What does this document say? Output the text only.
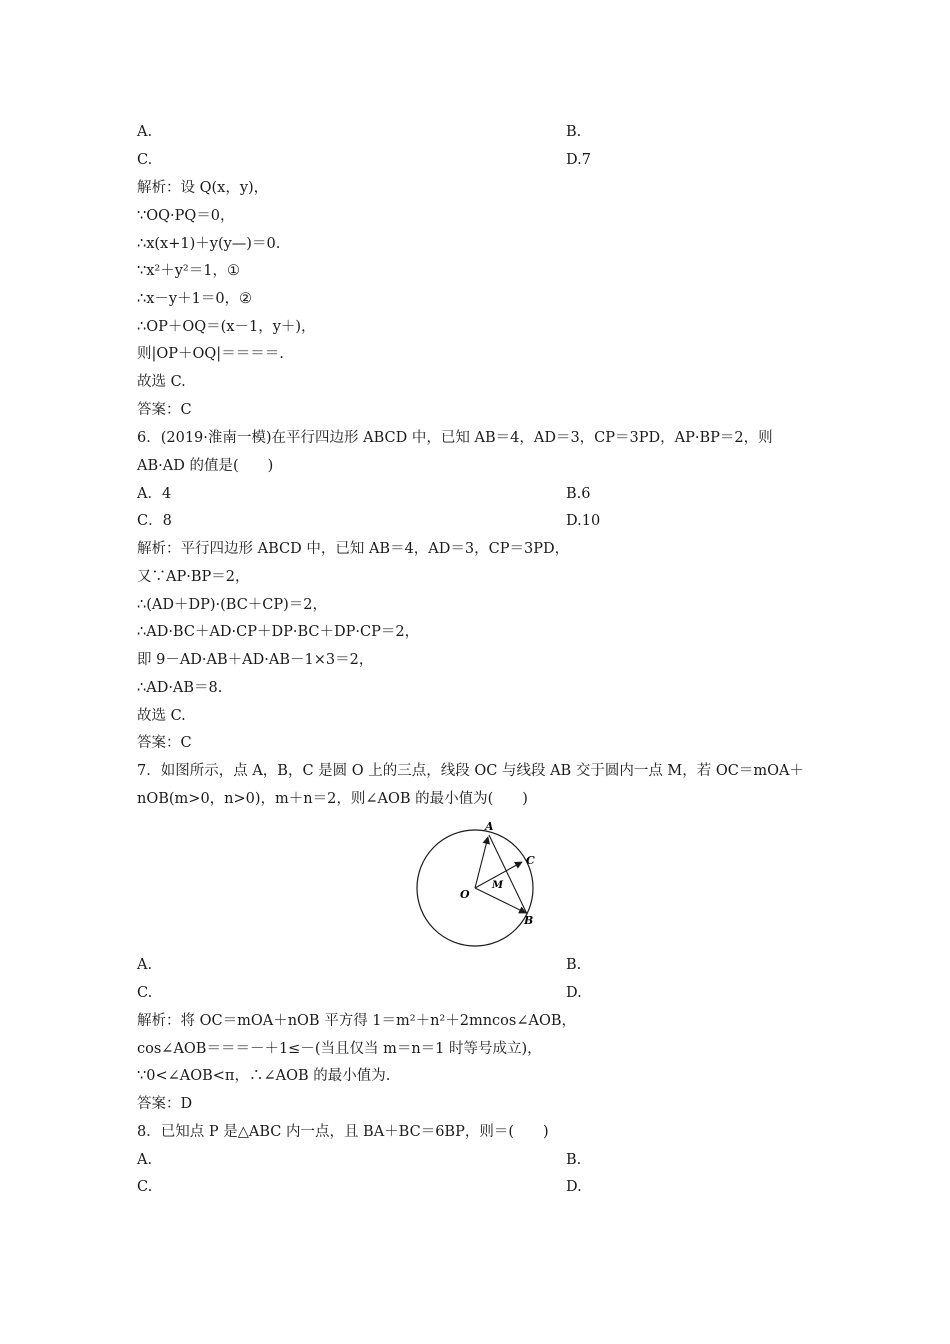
A.	B.
C.	D.7
解析：设 Q(x，y)，
∵OQ·PQ＝0，
∴x(x+1)＋y(y—)＝0.
∵x²＋y²＝1，①
∴x－y＋1＝0，②
∴OP＋OQ＝(x－1，y＋)，
则|OP＋OQ|＝＝＝＝.
故选 C.
答案：C
6．(2019·淮南一模)在平行四边形 ABCD 中，已知 AB＝4，AD＝3，CP＝3PD，AP·BP＝2，则
AB·AD 的值是(　　)
A．4	B.6
C．8	D.10
解析：平行四边形 ABCD 中，已知 AB＝4，AD＝3，CP＝3PD，
又∵AP·BP＝2，
∴(AD＋DP)·(BC＋CP)＝2，
∴AD·BC＋AD·CP＋DP·BC＋DP·CP＝2，
即 9－AD·AB＋AD·AB－1×3＝2，
∴AD·AB＝8.
故选 C.
答案：C
7．如图所示，点 A，B，C 是圆 O 上的三点，线段 OC 与线段 AB 交于圆内一点 M，若 OC＝mOA＋
nOB(m>0，n>0)，m＋n＝2，则∠AOB 的最小值为(　　)
A.	B.
C.	D.
解析：将 OC＝mOA＋nOB 平方得 1＝m²＋n²＋2mncos∠AOB，
cos∠AOB＝＝＝－＋1≤－(当且仅当 m＝n＝1 时等号成立)，
∵0<∠AOB<π，∴∠AOB 的最小值为.
答案：D
8．已知点 P 是△ABC 内一点，且 BA＋BC＝6BP，则＝(　　)
A.	B.
C.	D.
A
C
O
M
B
